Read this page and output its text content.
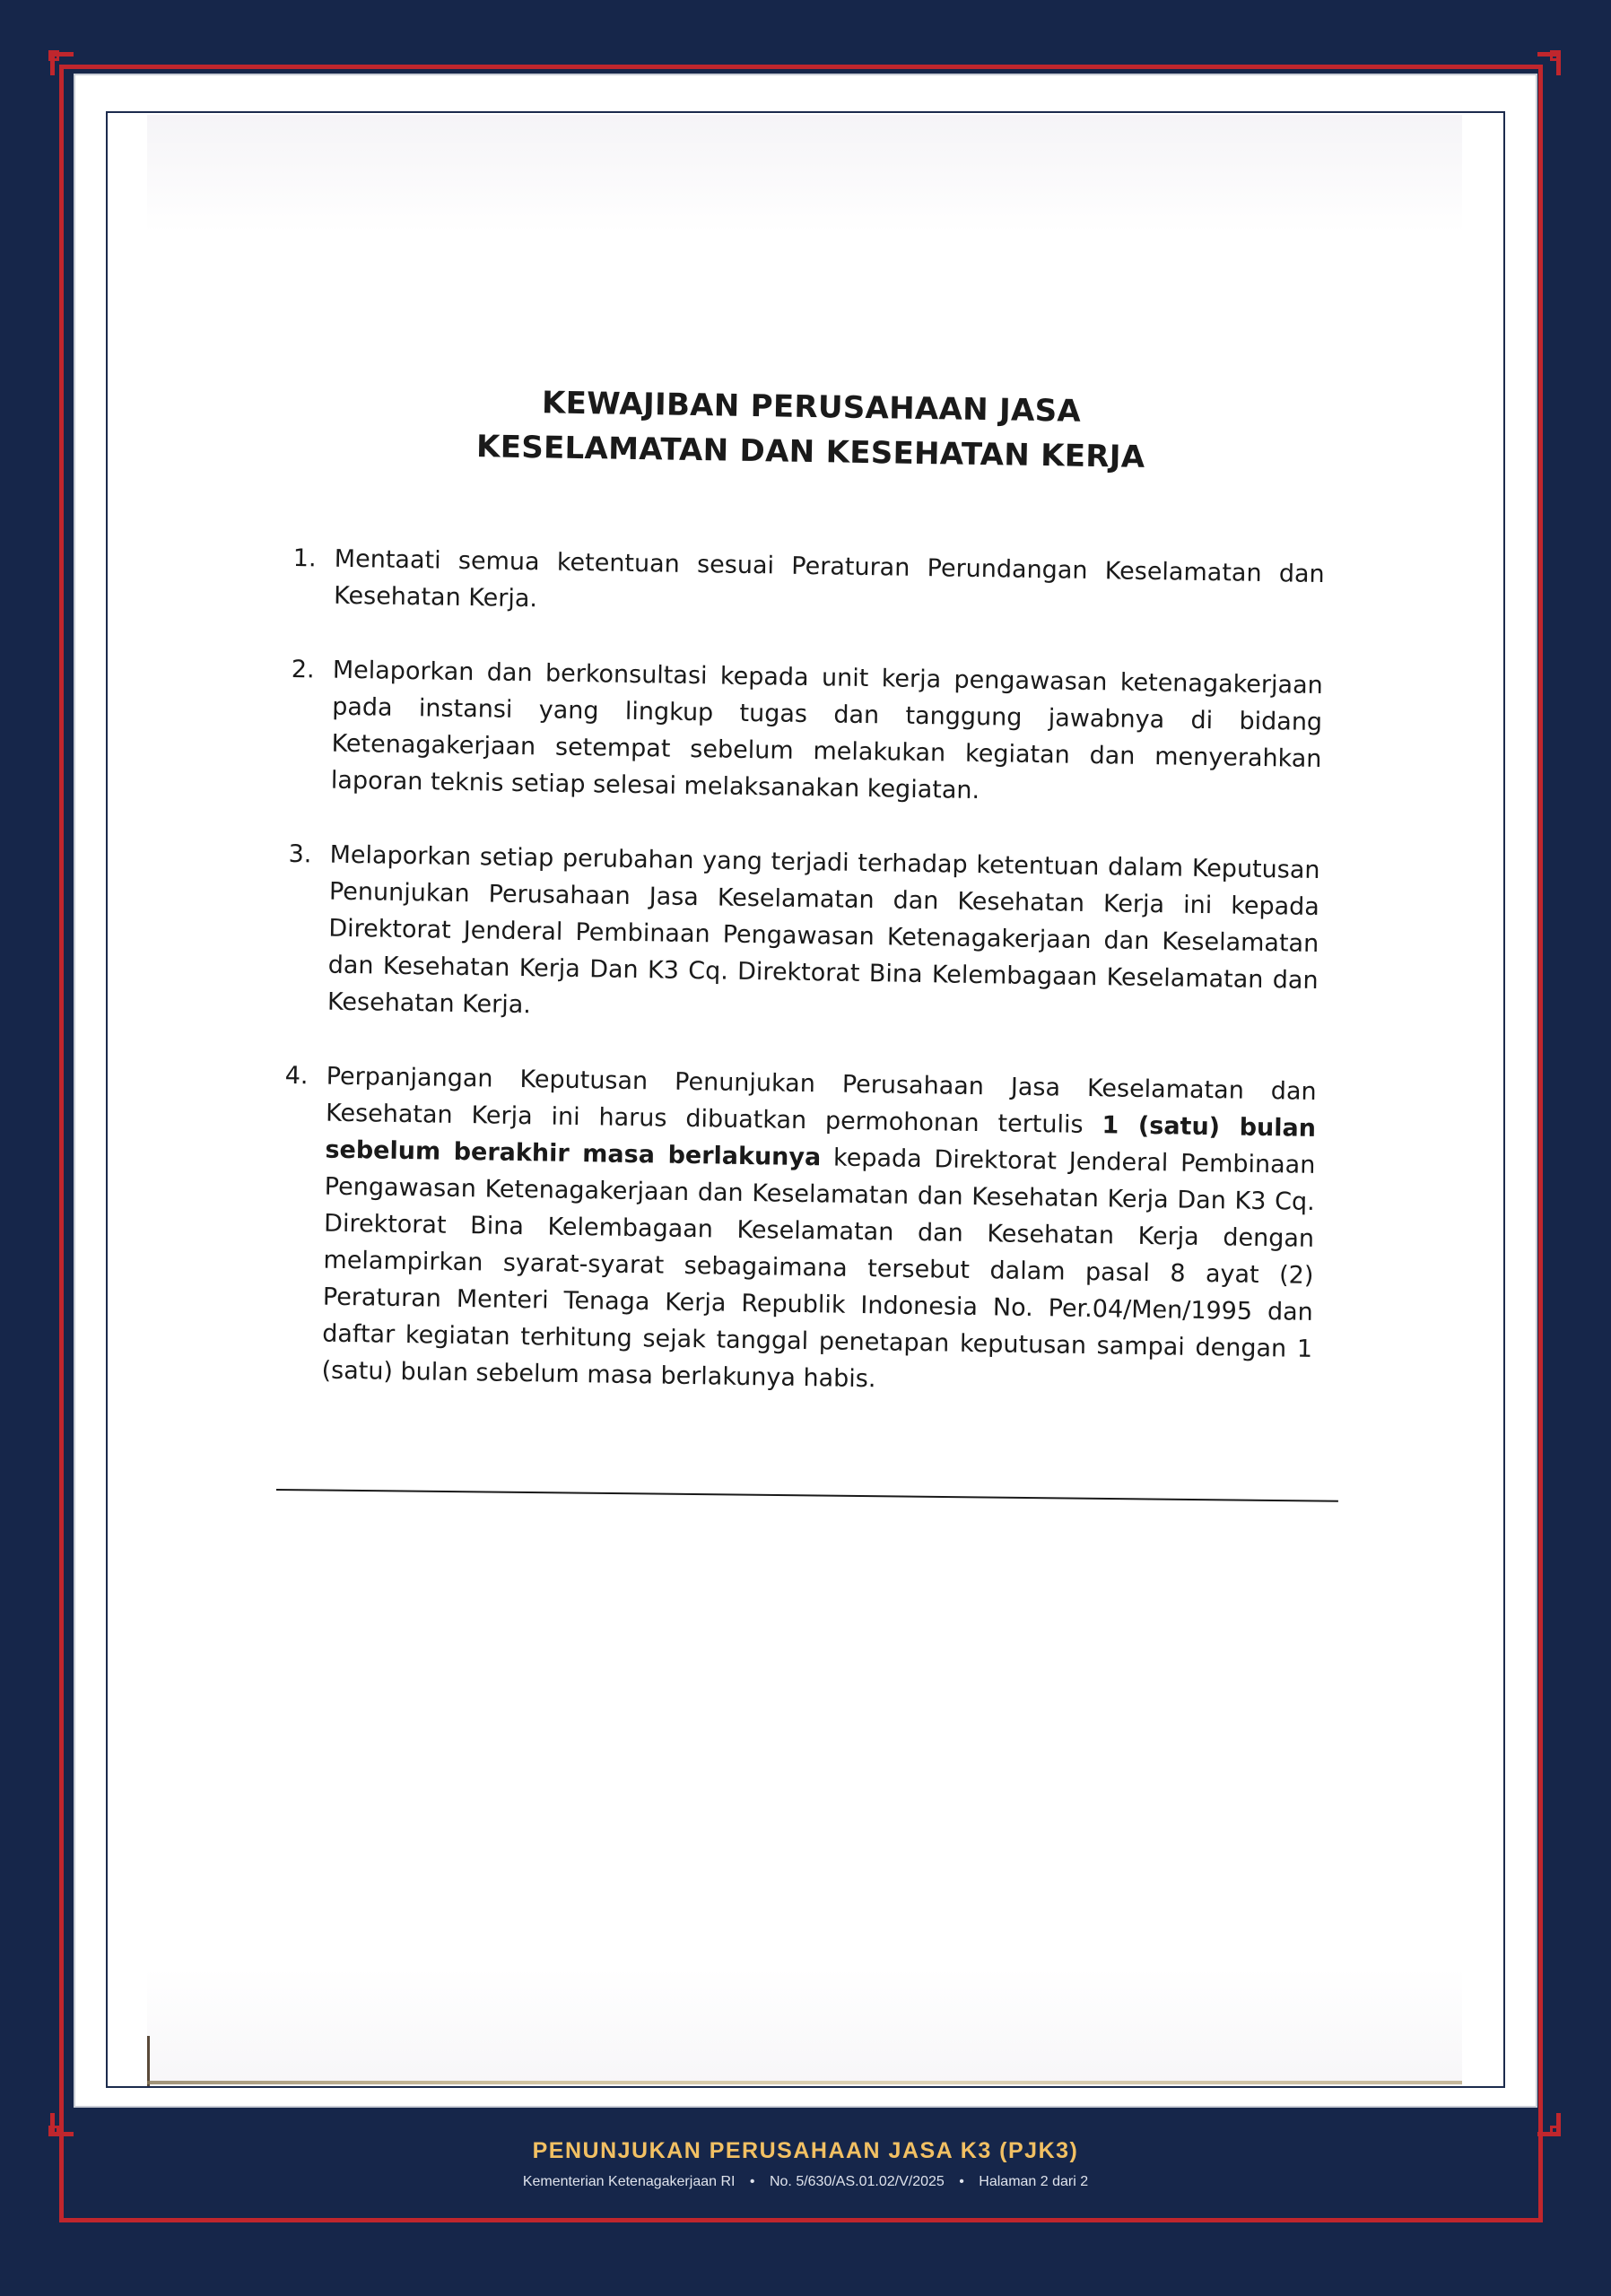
KEWAJIBAN PERUSAHAAN JASA
KESELAMATAN DAN KESEHATAN KERJA
1. Mentaati semua ketentuan sesuai Peraturan Perundangan Keselamatan dan Kesehatan Kerja.
2. Melaporkan dan berkonsultasi kepada unit kerja pengawasan ketenagakerjaan pada instansi yang lingkup tugas dan tanggung jawabnya di bidang Ketenagakerjaan setempat sebelum melakukan kegiatan dan menyerahkan laporan teknis setiap selesai melaksanakan kegiatan.
3. Melaporkan setiap perubahan yang terjadi terhadap ketentuan dalam Keputusan Penunjukan Perusahaan Jasa Keselamatan dan Kesehatan Kerja ini kepada Direktorat Jenderal Pembinaan Pengawasan Ketenagakerjaan dan Keselamatan dan Kesehatan Kerja Dan K3 Cq. Direktorat Bina Kelembagaan Keselamatan dan Kesehatan Kerja.
4. Perpanjangan Keputusan Penunjukan Perusahaan Jasa Keselamatan dan Kesehatan Kerja ini harus dibuatkan permohonan tertulis 1 (satu) bulan sebelum berakhir masa berlakunya kepada Direktorat Jenderal Pembinaan Pengawasan Ketenagakerjaan dan Keselamatan dan Kesehatan Kerja Dan K3 Cq. Direktorat Bina Kelembagaan Keselamatan dan Kesehatan Kerja dengan melampirkan syarat-syarat sebagaimana tersebut dalam pasal 8 ayat (2) Peraturan Menteri Tenaga Kerja Republik Indonesia No. Per.04/Men/1995 dan daftar kegiatan terhitung sejak tanggal penetapan keputusan sampai dengan 1 (satu) bulan sebelum masa berlakunya habis.
PENUNJUKAN PERUSAHAAN JASA K3 (PJK3)
Kementerian Ketenagakerjaan RI • No. 5/630/AS.01.02/V/2025 • Halaman 2 dari 2
